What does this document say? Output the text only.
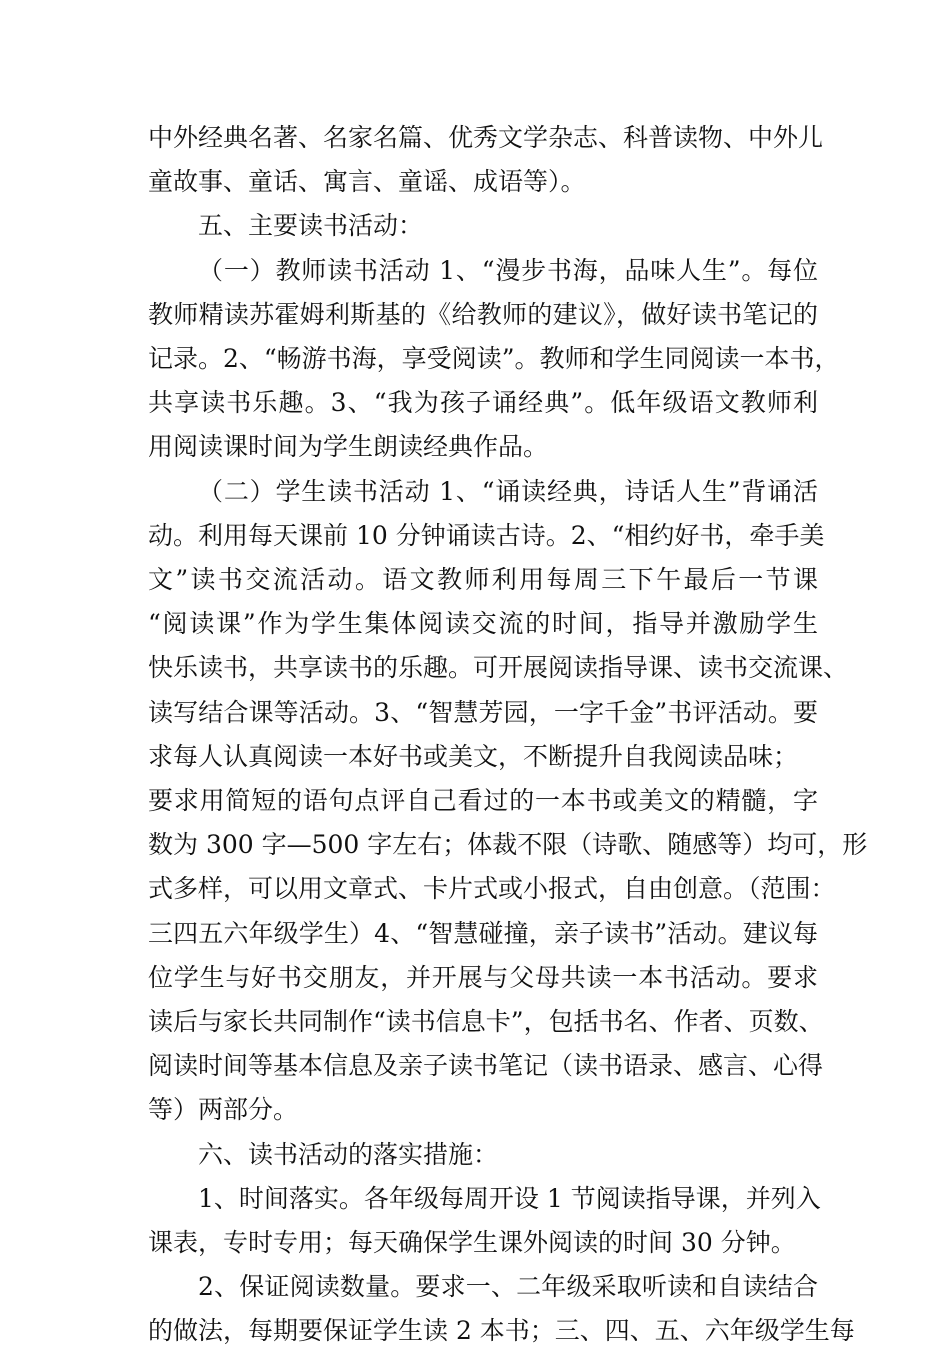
中外经典名著、名家名篇、优秀文学杂志、科普读物、中外儿
童故事、童话、寓言、童谣、成语等）。
五、主要读书活动：
（一）教师读书活动 1、“漫步书海，品味人生”。每位
教师精读苏霍姆利斯基的《给教师的建议》，做好读书笔记的
记录。2、“畅游书海，享受阅读”。教师和学生同阅读一本书，
共享读书乐趣。3、“我为孩子诵经典”。低年级语文教师利
用阅读课时间为学生朗读经典作品。
（二）学生读书活动 1、“诵读经典，诗话人生”背诵活
动。利用每天课前 10 分钟诵读古诗。2、“相约好书，牵手美
文”读书交流活动。语文教师利用每周三下午最后一节课
“阅读课”作为学生集体阅读交流的时间，指导并激励学生
快乐读书，共享读书的乐趣。可开展阅读指导课、读书交流课、
读写结合课等活动。3、“智慧芳园，一字千金”书评活动。要
求每人认真阅读一本好书或美文，不断提升自我阅读品味；
要求用简短的语句点评自己看过的一本书或美文的精髓，字
数为 300 字—500 字左右；体裁不限（诗歌、随感等）均可，形
式多样，可以用文章式、卡片式或小报式，自由创意。（范围：
三四五六年级学生）4、“智慧碰撞，亲子读书”活动。建议每
位学生与好书交朋友，并开展与父母共读一本书活动。要求
读后与家长共同制作“读书信息卡”，包括书名、作者、页数、
阅读时间等基本信息及亲子读书笔记（读书语录、感言、心得
等）两部分。
六、读书活动的落实措施：
1、时间落实。各年级每周开设 1 节阅读指导课，并列入
课表，专时专用；每天确保学生课外阅读的时间 30 分钟。
2、保证阅读数量。要求一、二年级采取听读和自读结合
的做法，每期要保证学生读 2 本书；三、四、五、六年级学生每
